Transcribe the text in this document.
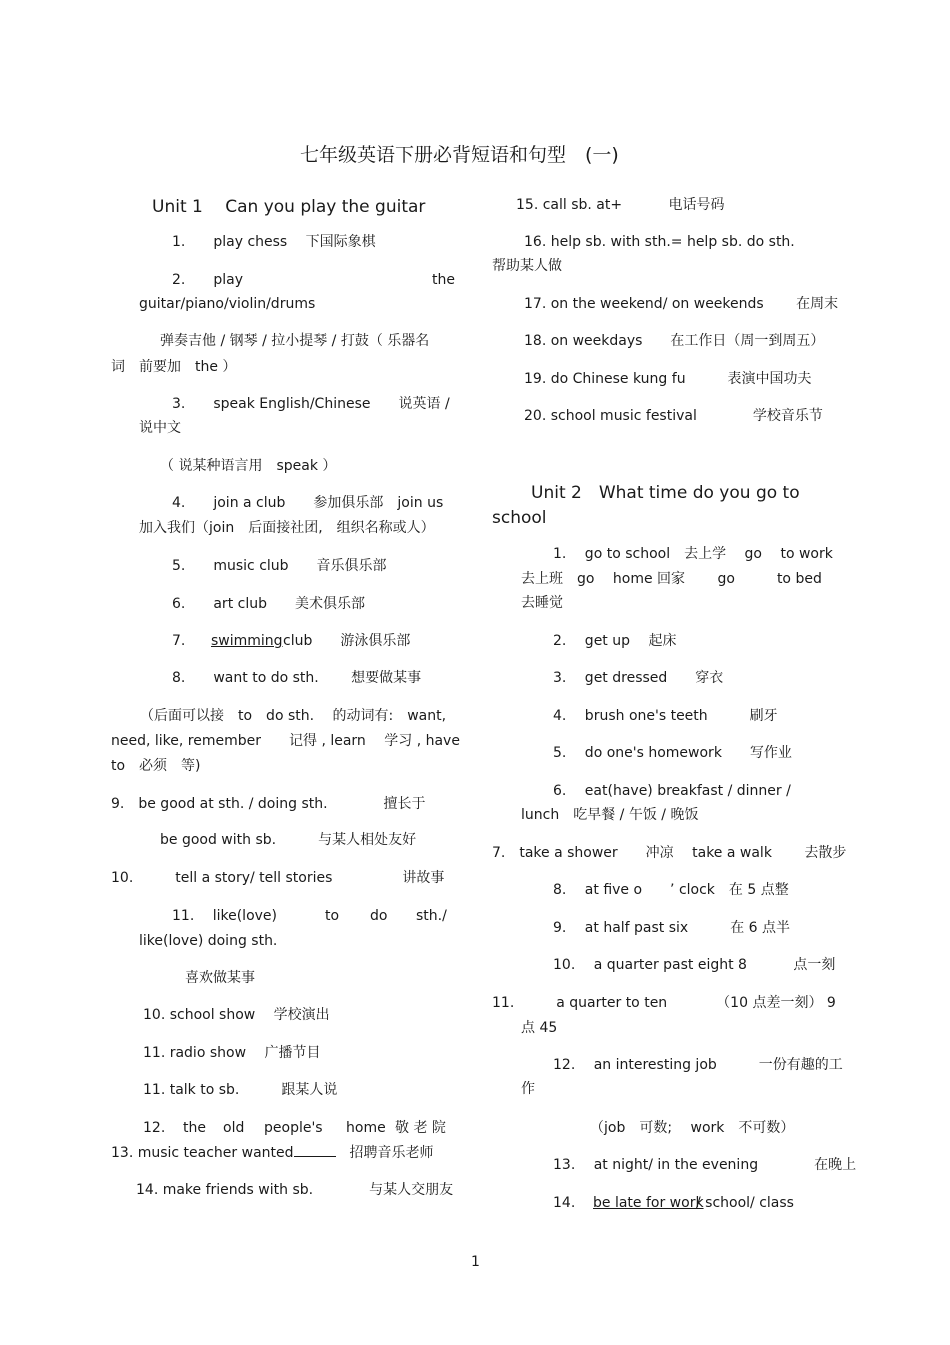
七年级英语下册必背短语和句型　(一)
Unit 1　 Can you play the guitar
1.　　play chess　 下国际象棋
2.　　play	the
guitar/piano/violin/drums
弹奏吉他 / 钢琴 / 拉小提琴 / 打鼓（ 乐器名
词　前要加　the ）
3.　　speak English/Chinese　　说英语 /
说中文
（ 说某种语言用　speak ）
4.　　join a club　　参加俱乐部　join us
加入我们（join　后面接社团,　组织名称或人）
5.　　music club　　音乐俱乐部
6.　　art club　　美术俱乐部
7. swimming club　　游泳俱乐部
8.　　want to do sth.　　 想要做某事
（后面可以接　to　do sth.　 的动词有:　want,
need, like, remember　　记得 , learn　 学习 , have
to　必须　等)
9.　be good at sth. / doing sth.　　　　擅长于
be good with sb.　　　与某人相处友好
10.　　　tell a story/ tell stories　　　　　讲故事
11.　 like(love)	to do sth./
like(love) doing sth.
喜欢做某事
10. school show　 学校演出
11. radio show　 广播节目
11. talk to sb.　　　跟某人说
12. the old people's home 敬 老 院
13. music teacher wanted　	招聘音乐老师
14. make friends with sb.　　　　与某人交朋友
15. call sb. at+　　　 电话号码
16. help sb. with sth.= help sb. do sth.
帮助某人做
17. on the weekend/ on weekends　　 在周末
18. on weekdays　　在工作日（周一到周五）
19. do Chinese kung fu　　　表演中国功夫
20. school music festival　　　　学校音乐节
Unit 2　What time do you go to
school
1.　 go to school　去上学　 go　 to work
去上班　go　 home 回家　　 go　　　to bed
去睡觉
2.　 get up　 起床
3.　 get dressed　　穿衣
4.　 brush one's teeth　　　刷牙
5.　 do one's homework　　写作业
6.　 eat(have) breakfast / dinner /
lunch　吃早餐 / 午饭 / 晚饭
7.　take a shower　　冲凉　 take a walk　　 去散步
8.　 at five o　　’ clock　在 5 点整
9.　 at half past six　　　在 6 点半
10.　 a quarter past eight 8　　　 点一刻
11.　　　a quarter to ten　　　　（10 点差一刻） 9
点 45
12.　 an interesting job　　　一份有趣的工
作
（job　可数;　 work　不可数）
13.　 at night/ in the evening　　　　在晚上
14. be late for work
/ school/ class
1
